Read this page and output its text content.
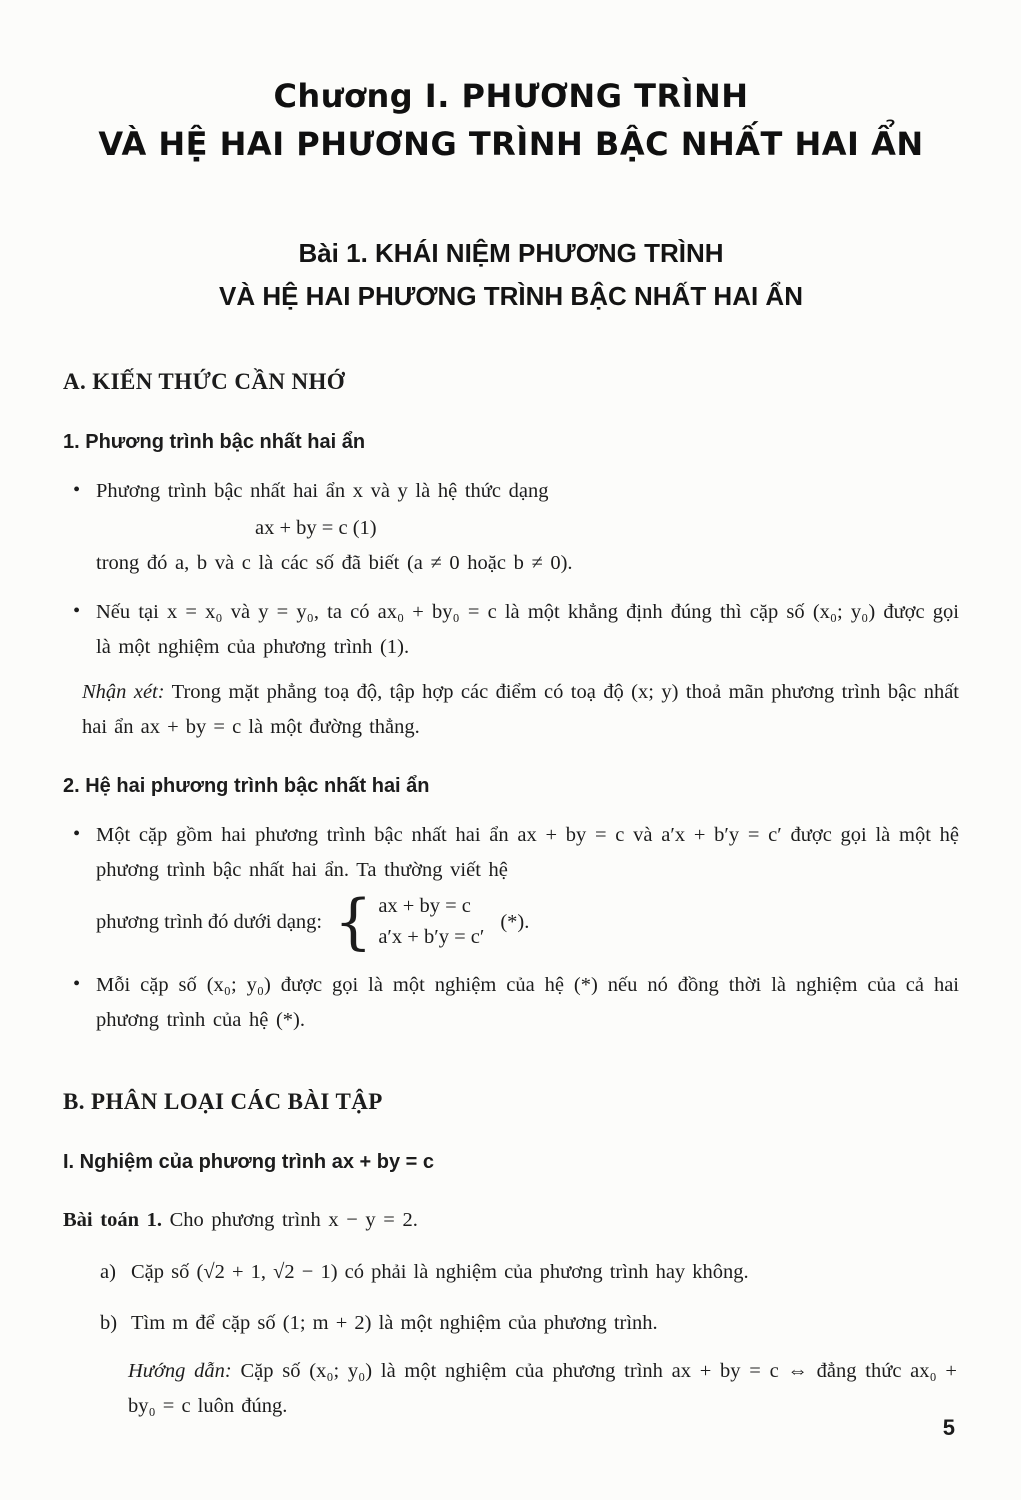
Chương I. PHƯƠNG TRÌNH
VÀ HỆ HAI PHƯƠNG TRÌNH BẬC NHẤT HAI ẨN
Bài 1. KHÁI NIỆM PHƯƠNG TRÌNH
VÀ HỆ HAI PHƯƠNG TRÌNH BẬC NHẤT HAI ẨN
A. KIẾN THỨC CẦN NHỚ
1. Phương trình bậc nhất hai ẩn
• Phương trình bậc nhất hai ẩn x và y là hệ thức dạng
ax + by = c (1)
trong đó a, b và c là các số đã biết (a ≠ 0 hoặc b ≠ 0).
• Nếu tại x = x₀ và y = y₀, ta có ax₀ + by₀ = c là một khẳng định đúng thì cặp số (x₀; y₀) được gọi là một nghiệm của phương trình (1).
Nhận xét: Trong mặt phẳng toạ độ, tập hợp các điểm có toạ độ (x; y) thoả mãn phương trình bậc nhất hai ẩn ax + by = c là một đường thẳng.
2. Hệ hai phương trình bậc nhất hai ẩn
• Một cặp gồm hai phương trình bậc nhất hai ẩn ax + by = c và a′x + b′y = c′ được gọi là một hệ phương trình bậc nhất hai ẩn. Ta thường viết hệ
phương trình đó dưới dạng: { ax + by = c
a′x + b′y = c′
(*).
• Mỗi cặp số (x₀; y₀) được gọi là một nghiệm của hệ (*) nếu nó đồng thời là nghiệm của cả hai phương trình của hệ (*).
B. PHÂN LOẠI CÁC BÀI TẬP
I. Nghiệm của phương trình ax + by = c
Bài toán 1. Cho phương trình x − y = 2.
a) Cặp số (√2 + 1, √2 − 1) có phải là nghiệm của phương trình hay không.
b) Tìm m để cặp số (1; m + 2) là một nghiệm của phương trình.
Hướng dẫn: Cặp số (x₀; y₀) là một nghiệm của phương trình ax + by = c ⇔ đẳng thức ax₀ + by₀ = c luôn đúng.
5
